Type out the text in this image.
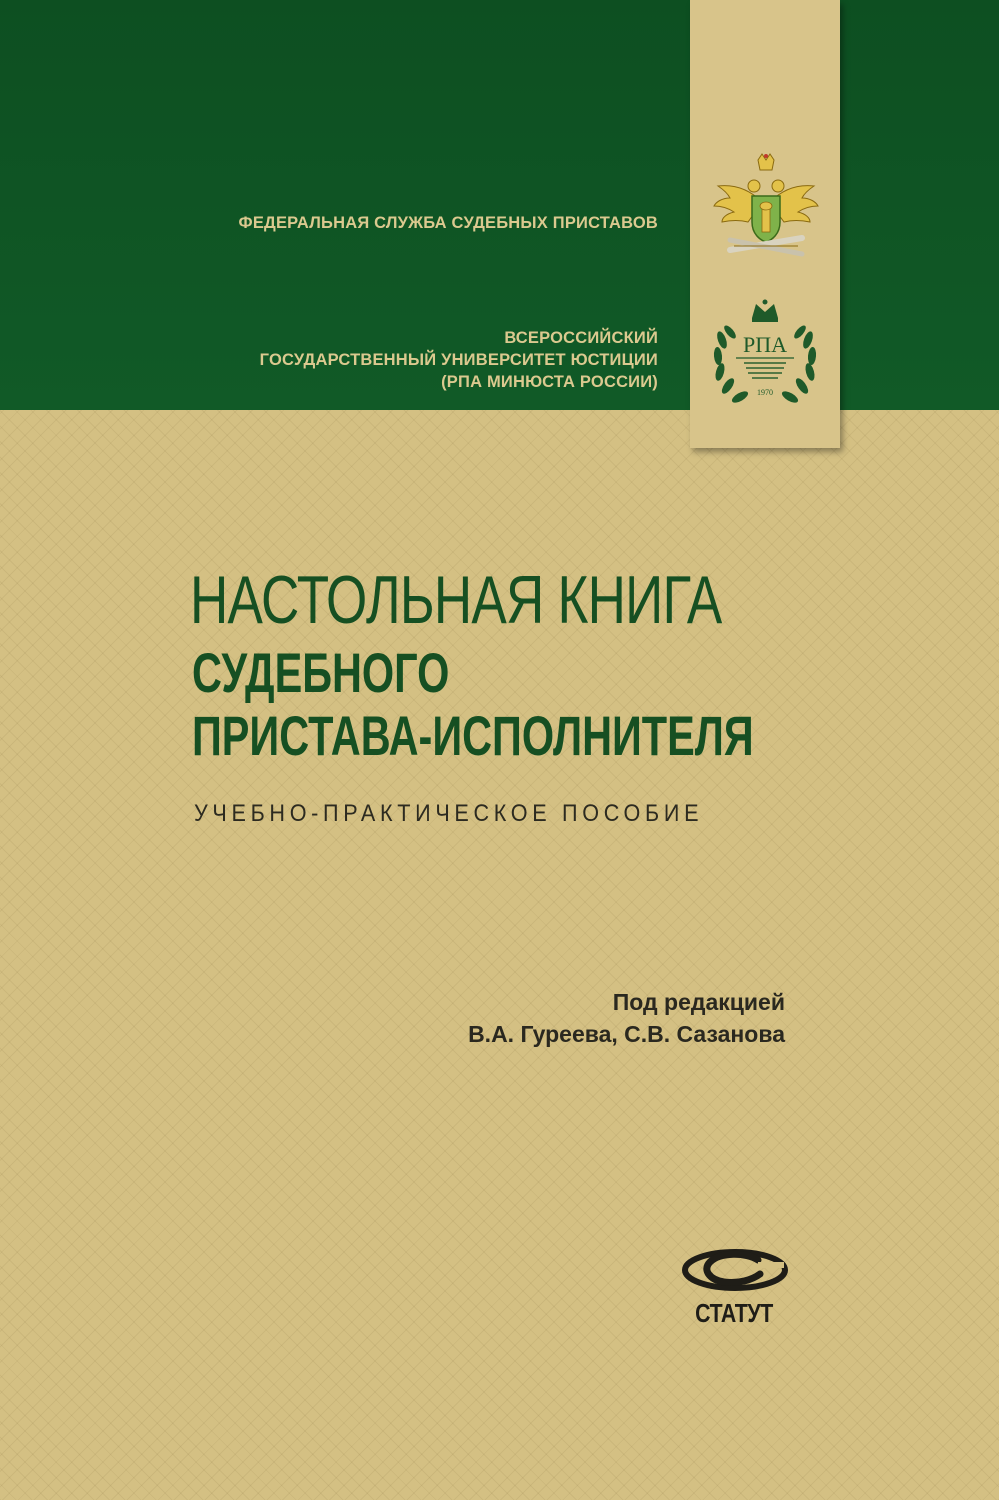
ФЕДЕРАЛЬНАЯ СЛУЖБА СУДЕБНЫХ ПРИСТАВОВ
ВСЕРОССИЙСКИЙ
ГОСУДАРСТВЕННЫЙ УНИВЕРСИТЕТ ЮСТИЦИИ
(РПА МИНЮСТА РОССИИ)
РПА
1970
НАСТОЛЬНАЯ КНИГА
СУДЕБНОГО
ПРИСТАВА-ИСПОЛНИТЕЛЯ
УЧЕБНО-ПРАКТИЧЕСКОЕ ПОСОБИЕ
Под редакцией
В.А. Гуреева, С.В. Сазанова
СТАТУТ
